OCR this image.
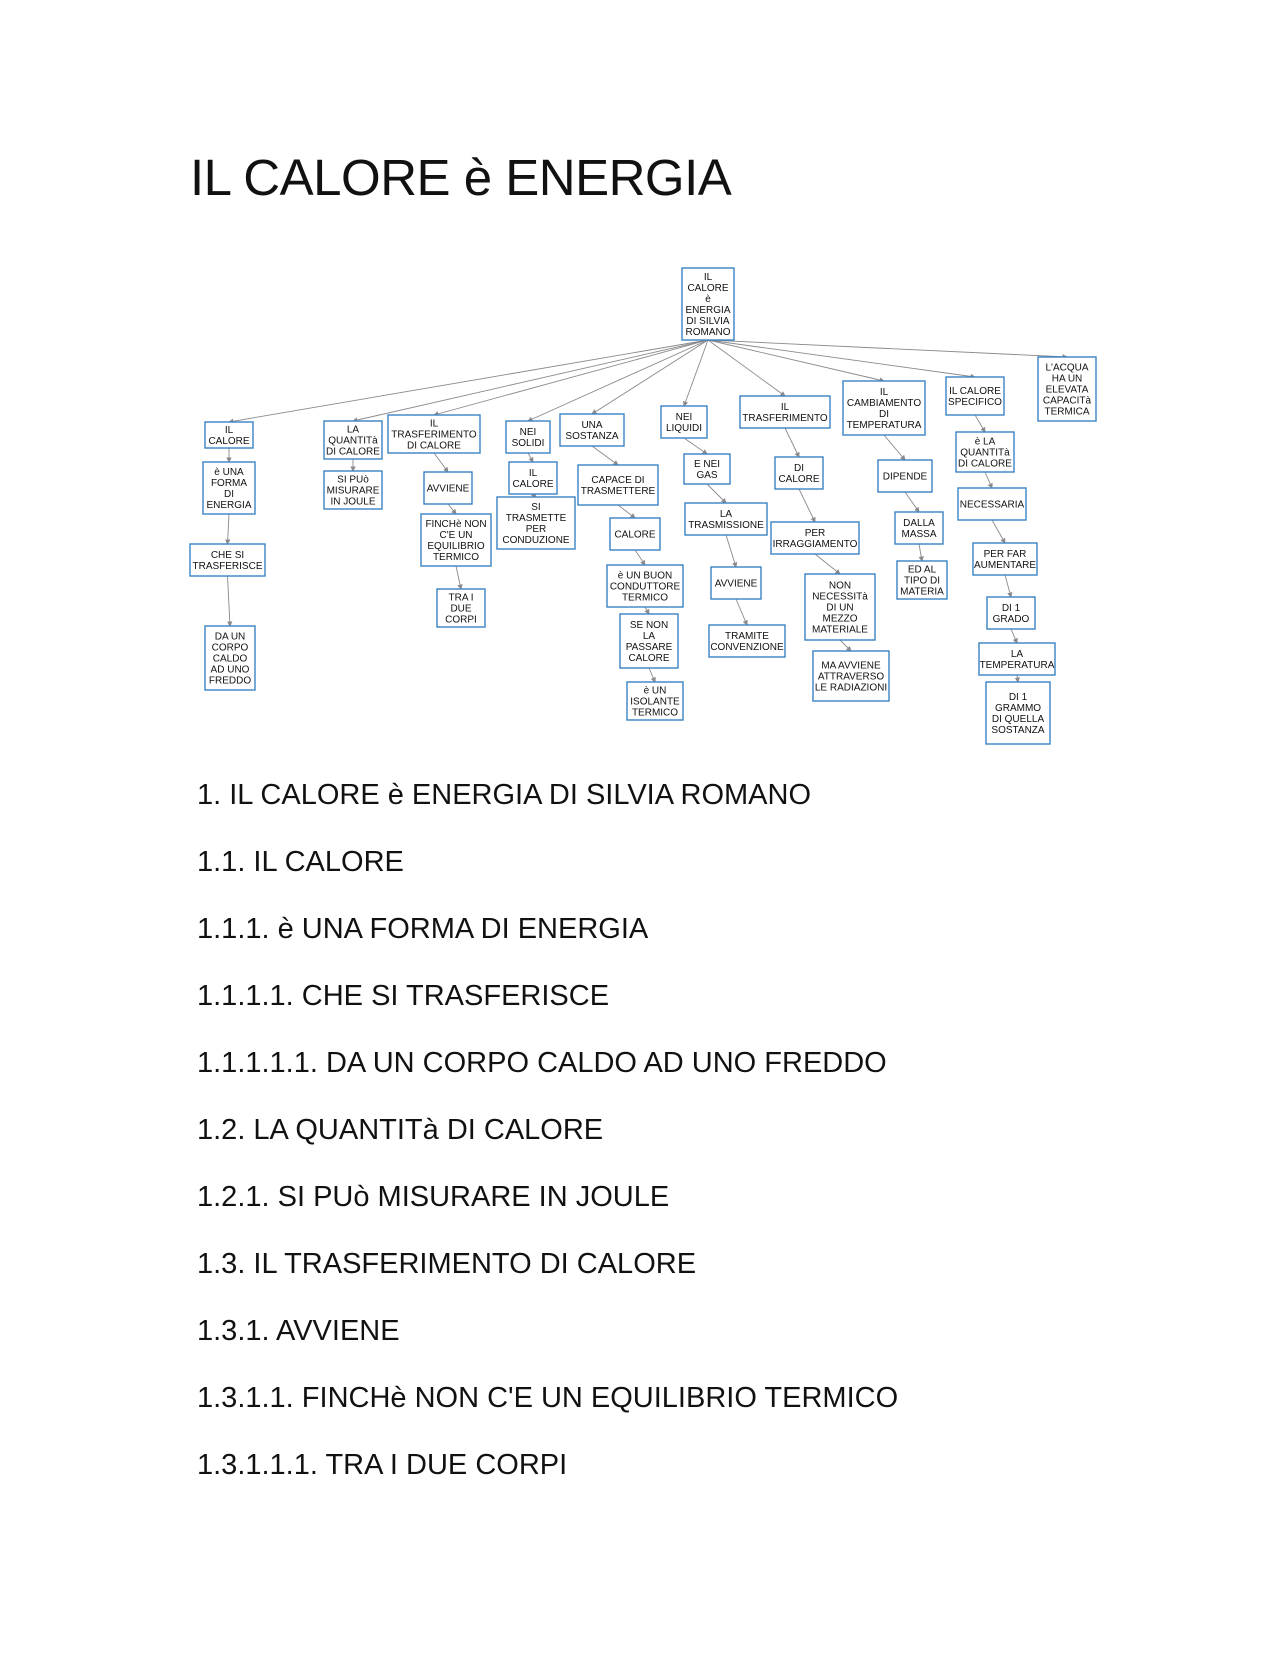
IL CALORE è ENERGIA
IL
CALORE
è
ENERGIA
DI SILVIA
ROMANO
IL
CALORE
è UNA
FORMA
DI
ENERGIA
CHE SI
TRASFERISCE
DA UN
CORPO
CALDO
AD UNO
FREDDO
LA
QUANTITà
DI CALORE
SI PUò
MISURARE
IN JOULE
IL
TRASFERIMENTO
DI CALORE
AVVIENE
FINCHè NON
C'E UN
EQUILIBRIO
TERMICO
TRA I
DUE
CORPI
NEI
SOLIDI
IL
CALORE
SI
TRASMETTE
PER
CONDUZIONE
UNA
SOSTANZA
CAPACE DI
TRASMETTERE
CALORE
è UN BUON
CONDUTTORE
TERMICO
SE NON
LA
PASSARE
CALORE
è UN
ISOLANTE
TERMICO
NEI
LIQUIDI
E NEI
GAS
LA
TRASMISSIONE
AVVIENE
TRAMITE
CONVENZIONE
IL
TRASFERIMENTO
DI
CALORE
PER
IRRAGGIAMENTO
NON
NECESSITà
DI UN
MEZZO
MATERIALE
MA AVVIENE
ATTRAVERSO
LE RADIAZIONI
IL
CAMBIAMENTO
DI
TEMPERATURA
DIPENDE
DALLA
MASSA
ED AL
TIPO DI
MATERIA
IL CALORE
SPECIFICO
è LA
QUANTITà
DI CALORE
NECESSARIA
PER FAR
AUMENTARE
DI 1
GRADO
LA
TEMPERATURA
DI 1
GRAMMO
DI QUELLA
SOSTANZA
L'ACQUA
HA UN
ELEVATA
CAPACITà
TERMICA
1. IL CALORE è ENERGIA DI SILVIA ROMANO
1.1. IL CALORE
1.1.1. è UNA FORMA DI ENERGIA
1.1.1.1. CHE SI TRASFERISCE
1.1.1.1.1. DA UN CORPO CALDO AD UNO FREDDO
1.2. LA QUANTITà DI CALORE
1.2.1. SI PUò MISURARE IN JOULE
1.3. IL TRASFERIMENTO DI CALORE
1.3.1. AVVIENE
1.3.1.1. FINCHè NON C'E UN EQUILIBRIO TERMICO
1.3.1.1.1. TRA I DUE CORPI
